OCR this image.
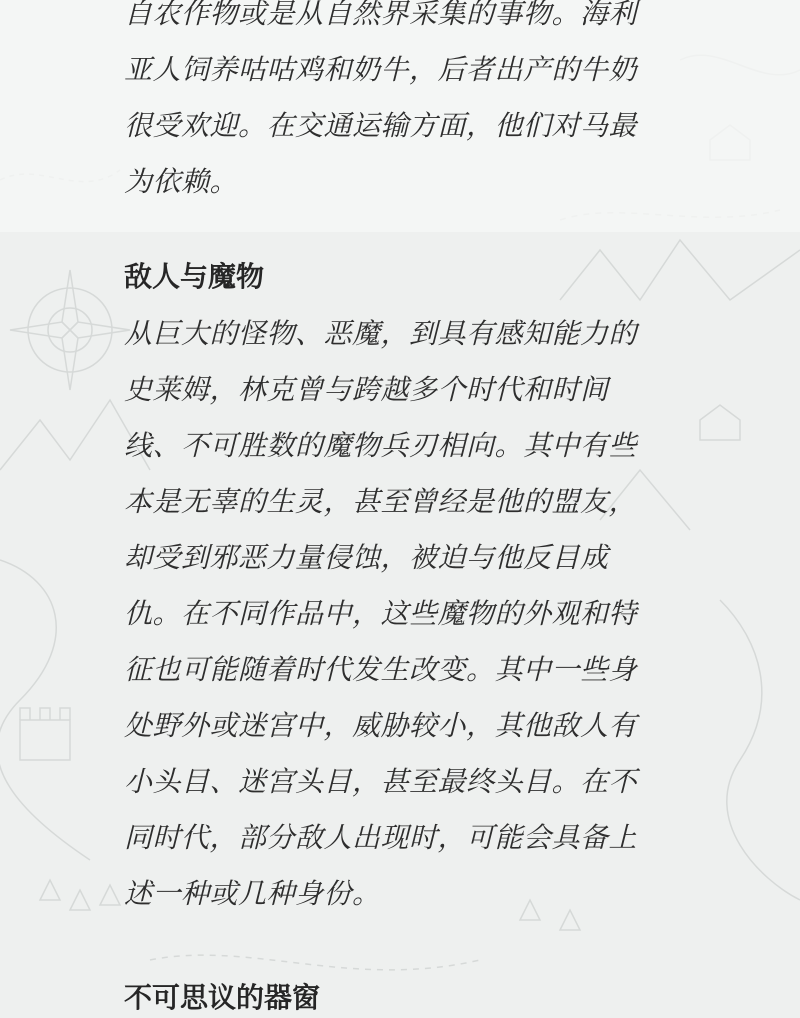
自农作物或是从自然界采集的事物。海利
亚人饲养咕咕鸡和奶牛，后者出产的牛奶
很受欢迎。在交通运输方面，他们对马最
为依赖。
敌人与魔物
从巨大的怪物、恶魔，到具有感知能力的
史莱姆，林克曾与跨越多个时代和时间
线、不可胜数的魔物兵刃相向。其中有些
本是无辜的生灵，甚至曾经是他的盟友，
却受到邪恶力量侵蚀，被迫与他反目成
仇。在不同作品中，这些魔物的外观和特
征也可能随着时代发生改变。其中一些身
处野外或迷宫中，威胁较小，其他敌人有
小头目、迷宫头目，甚至最终头目。在不
同时代，部分敌人出现时，可能会具备上
述一种或几种身份。
不可思议的器窗
